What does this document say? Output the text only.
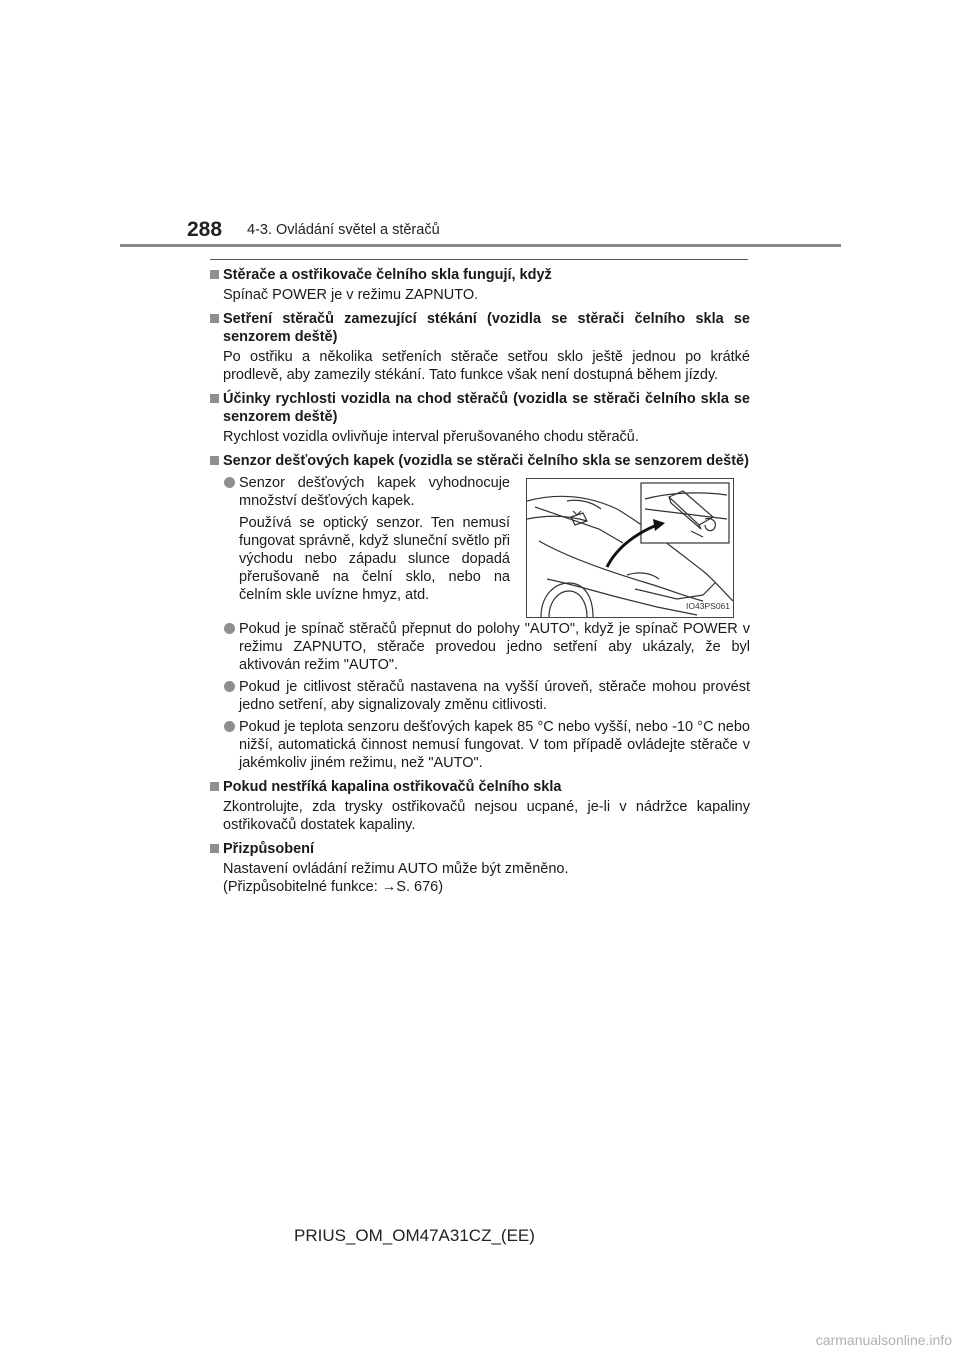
288 4-3. Ovládání světel a stěračů
Stěrače a ostřikovače čelního skla fungují, když
Spínač POWER je v režimu ZAPNUTO.
Setření stěračů zamezující stékání (vozidla se stěrači čelního skla se senzorem deště)
Po ostřiku a několika setřeních stěrače setřou sklo ještě jednou po krátké prodlevě, aby zamezily stékání. Tato funkce však není dostupná během jízdy.
Účinky rychlosti vozidla na chod stěračů (vozidla se stěrači čelního skla se senzorem deště)
Rychlost vozidla ovlivňuje interval přerušovaného chodu stěračů.
Senzor dešťových kapek (vozidla se stěrači čelního skla se senzorem deště)
Senzor dešťových kapek vyhodnocuje množství dešťových kapek.
Používá se optický senzor. Ten nemusí fungovat správně, když sluneční světlo při východu nebo západu slunce dopadá přerušovaně na čelní sklo, nebo na čelním skle uvízne hmyz, atd.
IO43PS061
Pokud je spínač stěračů přepnut do polohy "AUTO", když je spínač POWER v režimu ZAPNUTO, stěrače provedou jedno setření aby ukázaly, že byl aktivován režim "AUTO".
Pokud je citlivost stěračů nastavena na vyšší úroveň, stěrače mohou provést jedno setření, aby signalizovaly změnu citlivosti.
Pokud je teplota senzoru dešťových kapek 85 °C nebo vyšší, nebo -10 °C nebo nižší, automatická činnost nemusí fungovat. V tom případě ovládejte stěrače v jakémkoliv jiném režimu, než "AUTO".
Pokud nestříká kapalina ostřikovačů čelního skla
Zkontrolujte, zda trysky ostřikovačů nejsou ucpané, je-li v nádržce kapaliny ostřikovačů dostatek kapaliny.
Přizpůsobení
Nastavení ovládání režimu AUTO může být změněno.
(Přizpůsobitelné funkce: →S. 676)
PRIUS_OM_OM47A31CZ_(EE)
carmanualsonline.info
